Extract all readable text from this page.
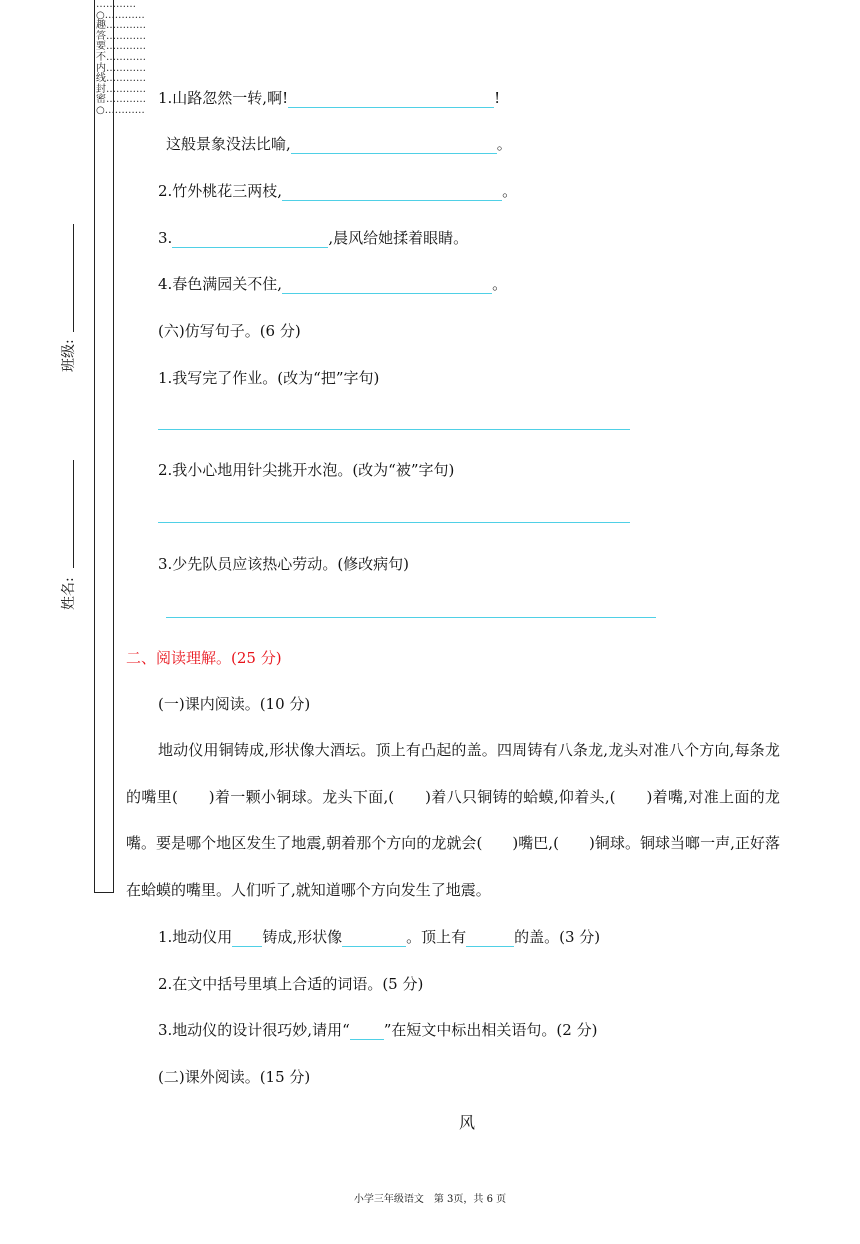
…………○…………趣…………答…………要…………不…………内…………线…………封…………密…………○…………
班级:
姓名:
1.山路忽然一转,啊!	!
这般景象没法比喻,	。
2.竹外桃花三两枝,	。
3.	,晨风给她揉着眼睛。
4.春色满园关不住,	。
(六)仿写句子。(6 分)
1.我写完了作业。(改为“把”字句)
2.我小心地用针尖挑开水泡。(改为“被”字句)
3.少先队员应该热心劳动。(修改病句)
二、阅读理解。(25 分)
(一)课内阅读。(10 分)
地动仪用铜铸成,形状像大酒坛。顶上有凸起的盖。四周铸有八条龙,龙头对准八个方向,每条龙的嘴里(　　)着一颗小铜球。龙头下面,(　　)着八只铜铸的蛤蟆,仰着头,(　　)着嘴,对准上面的龙嘴。要是哪个地区发生了地震,朝着那个方向的龙就会(　　)嘴巴,(　　)铜球。铜球当啷一声,正好落在蛤蟆的嘴里。人们听了,就知道哪个方向发生了地震。
1.地动仪用 铸成,形状像	。顶上有	的盖。(3 分)
2.在文中括号里填上合适的词语。(5 分)
3.地动仪的设计很巧妙,请用“ ”在短文中标出相关语句。(2 分)
(二)课外阅读。(15 分)
风
小学三年级语文　第 3页，共 6 页
